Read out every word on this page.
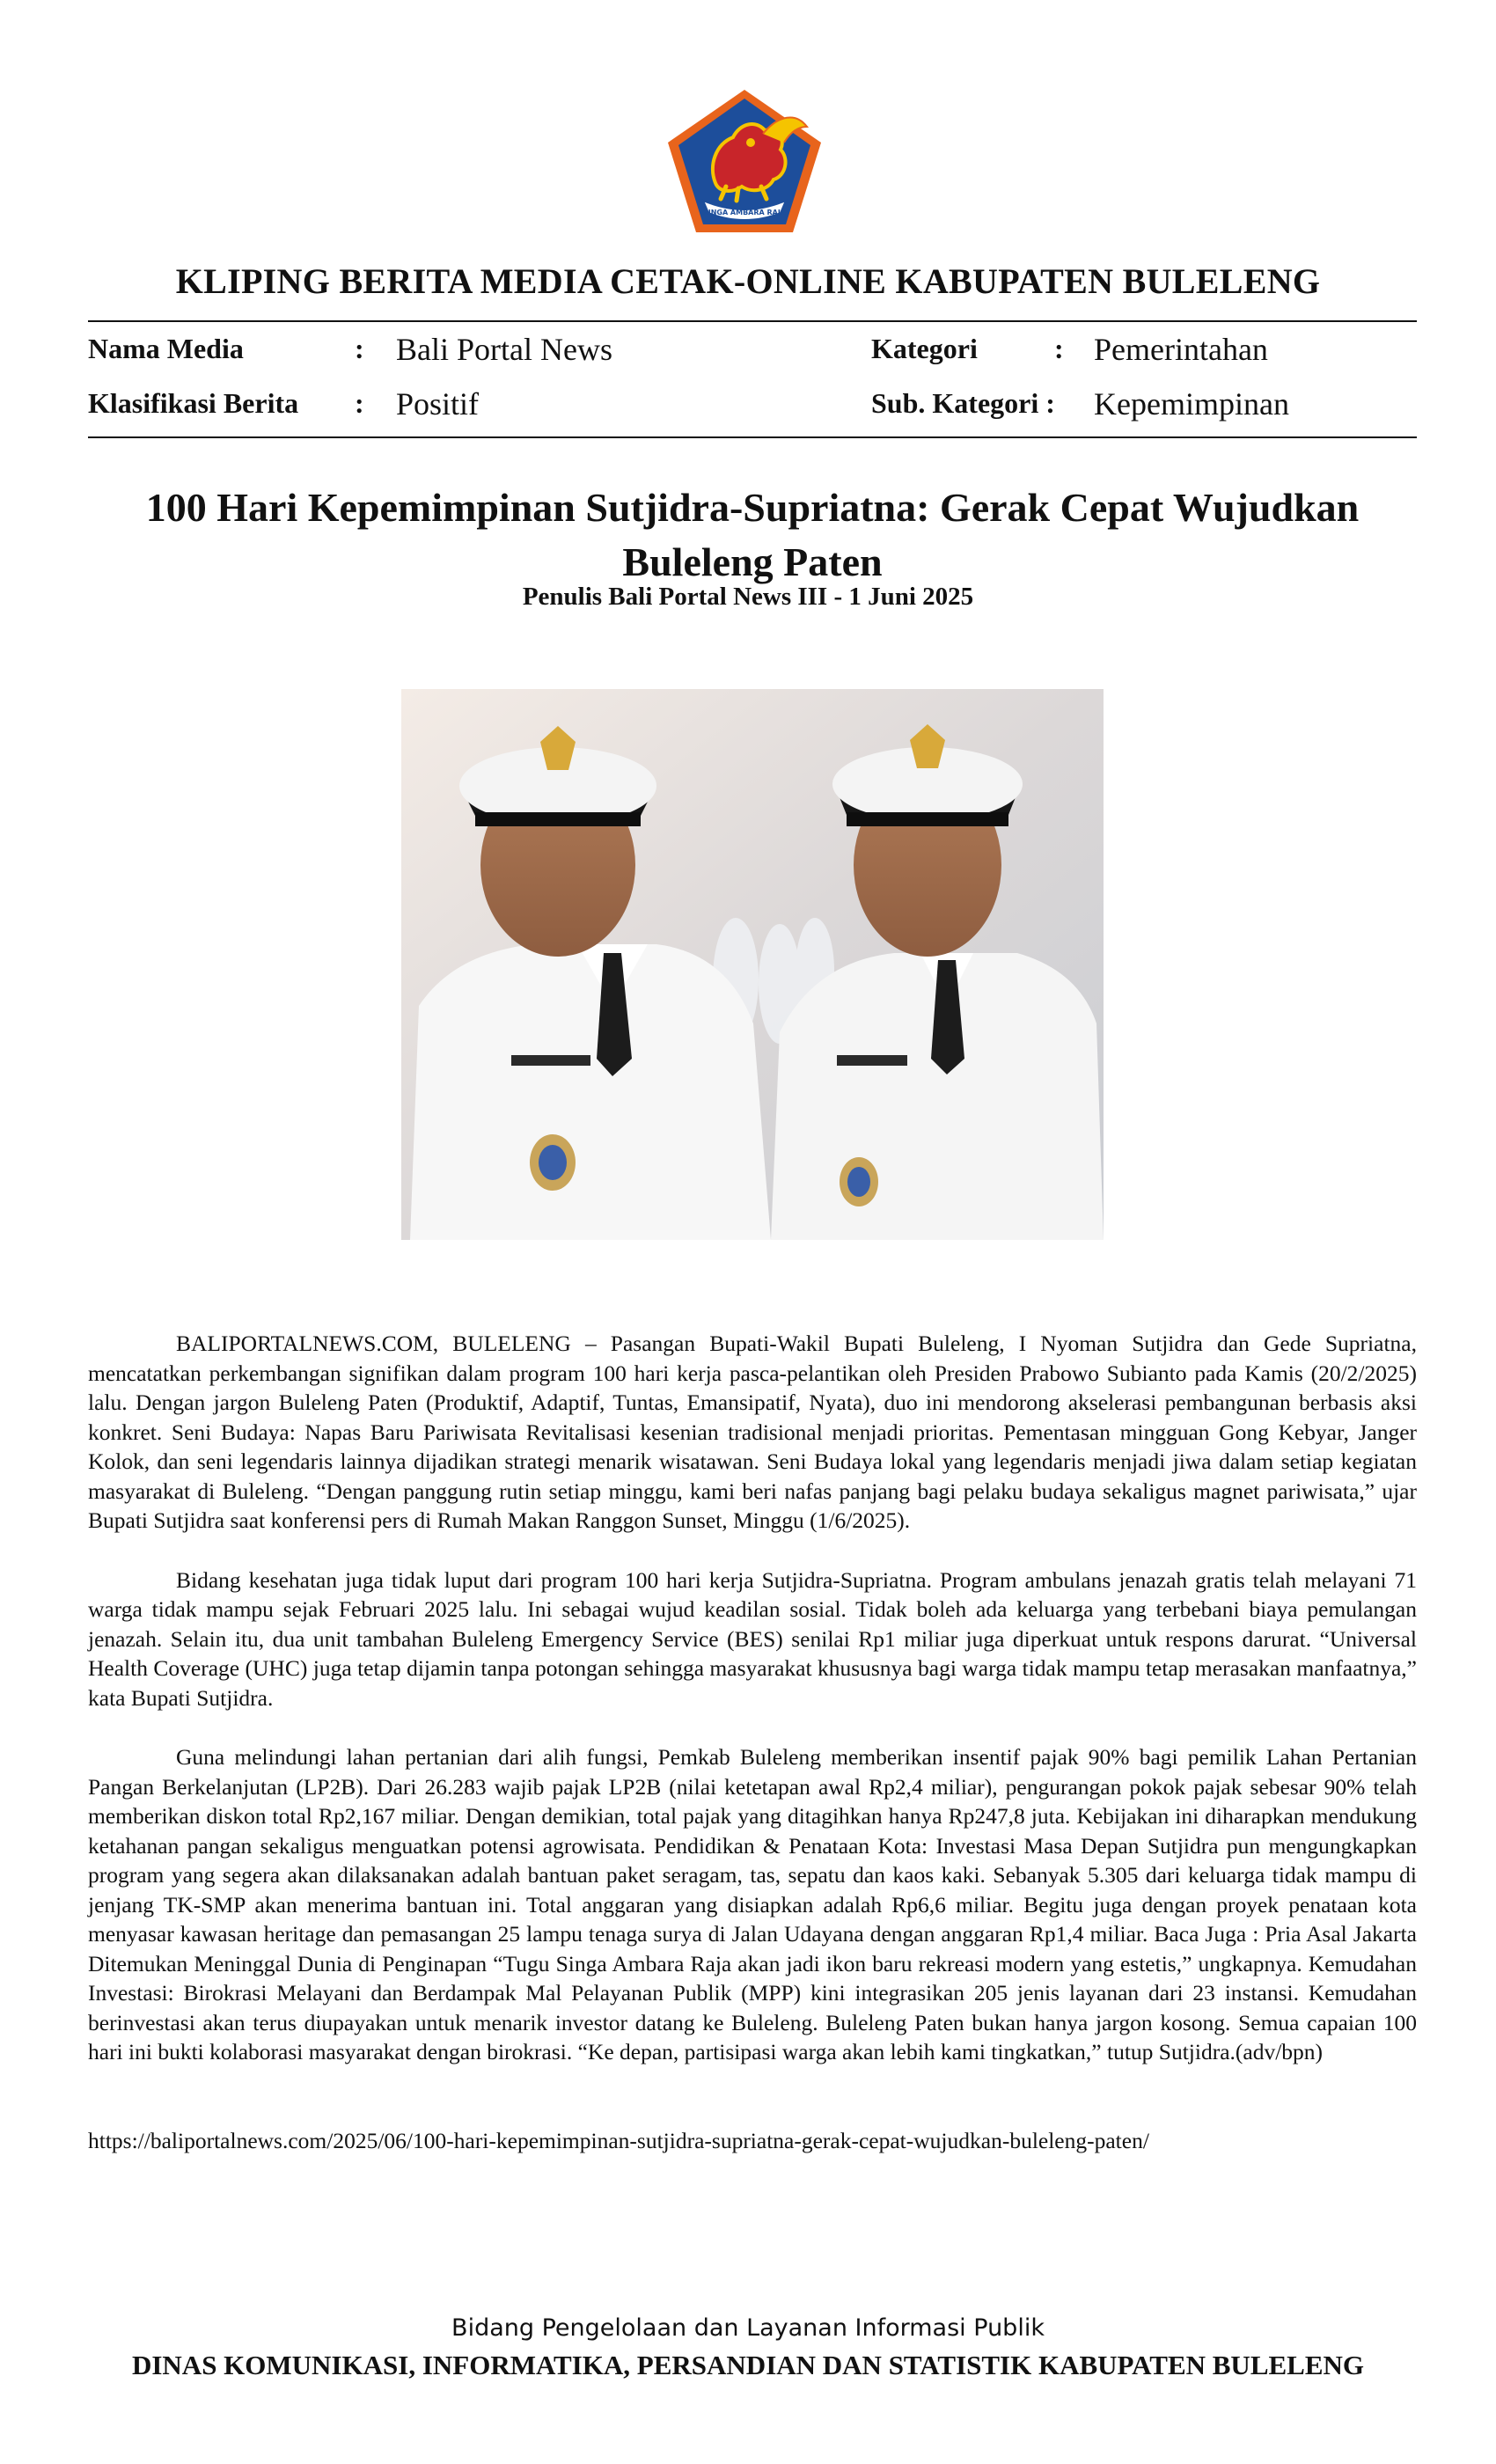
SINGA AMBARA RAJA
KLIPING BERITA MEDIA CETAK-ONLINE KABUPATEN BULELENG
Nama Media	: Bali Portal News	Kategori	: Pemerintahan
Klasifikasi Berita : Positif	Sub. Kategori : Kepemimpinan
100 Hari Kepemimpinan Sutjidra-Supriatna: Gerak Cepat Wujudkan Buleleng Paten
Penulis Bali Portal News III - 1 Juni 2025

BALIPORTALNEWS.COM, BULELENG – Pasangan Bupati-Wakil Bupati Buleleng, I Nyoman Sutjidra dan Gede Supriatna, mencatatkan perkembangan signifikan dalam program 100 hari kerja pasca-pelantikan oleh Presiden Prabowo Subianto pada Kamis (20/2/2025) lalu. Dengan jargon Buleleng Paten (Produktif, Adaptif, Tuntas, Emansipatif, Nyata), duo ini mendorong akselerasi pembangunan berbasis aksi konkret. Seni Budaya: Napas Baru Pariwisata Revitalisasi kesenian tradisional menjadi prioritas. Pementasan mingguan Gong Kebyar, Janger Kolok, dan seni legendaris lainnya dijadikan strategi menarik wisatawan. Seni Budaya lokal yang legendaris menjadi jiwa dalam setiap kegiatan masyarakat di Buleleng. “Dengan panggung rutin setiap minggu, kami beri nafas panjang bagi pelaku budaya sekaligus magnet pariwisata,” ujar Bupati Sutjidra saat konferensi pers di Rumah Makan Ranggon Sunset, Minggu (1/6/2025).

Bidang kesehatan juga tidak luput dari program 100 hari kerja Sutjidra-Supriatna. Program ambulans jenazah gratis telah melayani 71 warga tidak mampu sejak Februari 2025 lalu. Ini sebagai wujud keadilan sosial. Tidak boleh ada keluarga yang terbebani biaya pemulangan jenazah. Selain itu, dua unit tambahan Buleleng Emergency Service (BES) senilai Rp1 miliar juga diperkuat untuk respons darurat. “Universal Health Coverage (UHC) juga tetap dijamin tanpa potongan sehingga masyarakat khususnya bagi warga tidak mampu tetap merasakan manfaatnya,” kata Bupati Sutjidra.

Guna melindungi lahan pertanian dari alih fungsi, Pemkab Buleleng memberikan insentif pajak 90% bagi pemilik Lahan Pertanian Pangan Berkelanjutan (LP2B). Dari 26.283 wajib pajak LP2B (nilai ketetapan awal Rp2,4 miliar), pengurangan pokok pajak sebesar 90% telah memberikan diskon total Rp2,167 miliar. Dengan demikian, total pajak yang ditagihkan hanya Rp247,8 juta. Kebijakan ini diharapkan mendukung ketahanan pangan sekaligus menguatkan potensi agrowisata. Pendidikan & Penataan Kota: Investasi Masa Depan Sutjidra pun mengungkapkan program yang segera akan dilaksanakan adalah bantuan paket seragam, tas, sepatu dan kaos kaki. Sebanyak 5.305 dari keluarga tidak mampu di jenjang TK-SMP akan menerima bantuan ini. Total anggaran yang disiapkan adalah Rp6,6 miliar. Begitu juga dengan proyek penataan kota menyasar kawasan heritage dan pemasangan 25 lampu tenaga surya di Jalan Udayana dengan anggaran Rp1,4 miliar. Baca Juga : Pria Asal Jakarta Ditemukan Meninggal Dunia di Penginapan “Tugu Singa Ambara Raja akan jadi ikon baru rekreasi modern yang estetis,” ungkapnya. Kemudahan Investasi: Birokrasi Melayani dan Berdampak Mal Pelayanan Publik (MPP) kini integrasikan 205 jenis layanan dari 23 instansi. Kemudahan berinvestasi akan terus diupayakan untuk menarik investor datang ke Buleleng. Buleleng Paten bukan hanya jargon kosong. Semua capaian 100 hari ini bukti kolaborasi masyarakat dengan birokrasi. “Ke depan, partisipasi warga akan lebih kami tingkatkan,” tutup Sutjidra.(adv/bpn)

https://baliportalnews.com/2025/06/100-hari-kepemimpinan-sutjidra-supriatna-gerak-cepat-wujudkan-buleleng-paten/
Bidang Pengelolaan dan Layanan Informasi Publik
DINAS KOMUNIKASI, INFORMATIKA, PERSANDIAN DAN STATISTIK KABUPATEN BULELENG
